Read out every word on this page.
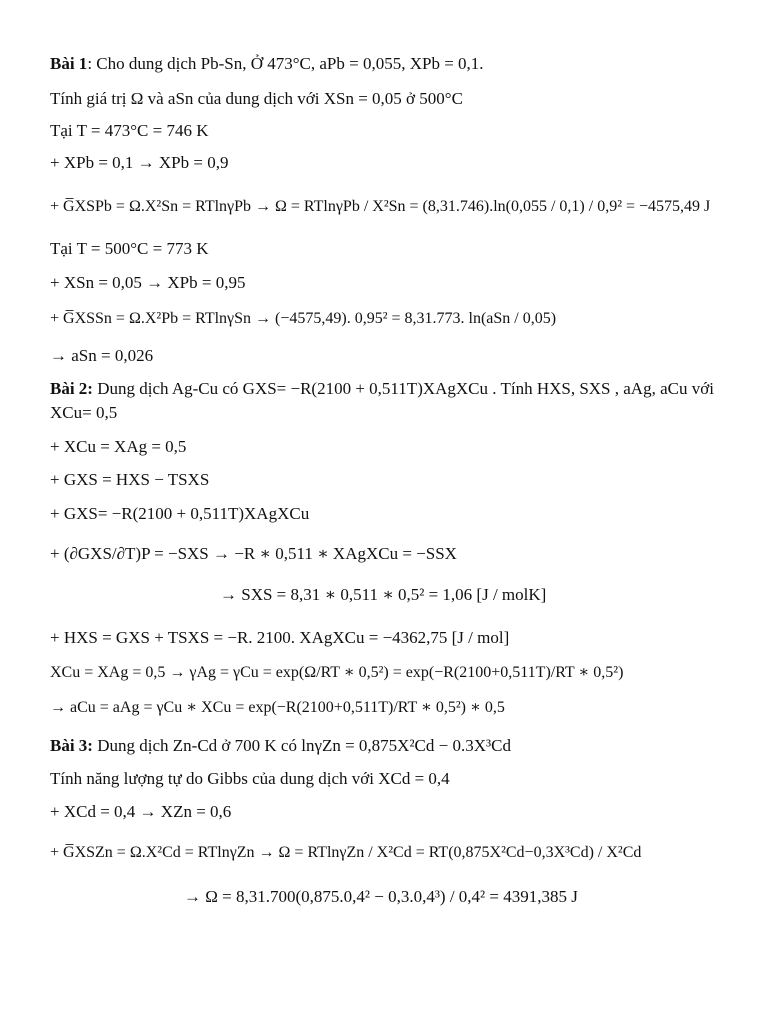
Bài 1: Cho dung dịch Pb-Sn, Ở 473°C, aPb = 0,055, XPb = 0,1.
Tính giá trị Ω và aSn của dung dịch với XSn = 0,05 ở 500°C
Tại T = 473°C = 746 K
+ XPb = 0,1 → XPb = 0,9
+ G̅XSPb = Ω.X²Sn = RTlnγPb → Ω = RTlnγPb / X²Sn = (8,31.746).ln(0,055 / 0,1) / 0,9² = −4575,49 J
Tại T = 500°C = 773 K
+ XSn = 0,05 → XPb = 0,95
+ G̅XSSn = Ω.X²Pb = RTlnγSn → (−4575,49). 0,95² = 8,31.773. ln(aSn / 0,05)
→ aSn = 0,026
Bài 2: Dung dịch Ag-Cu có GXS= −R(2100 + 0,511T)XAgXCu . Tính HXS, SXS , aAg, aCu với
XCu= 0,5
+ XCu = XAg = 0,5
+ GXS = HXS − TSXS
+ GXS= −R(2100 + 0,511T)XAgXCu
+ (∂GXS/∂T)P = −SXS → −R ∗ 0,511 ∗ XAgXCu = −SSX
→ SXS = 8,31 ∗ 0,511 ∗ 0,5² = 1,06 [J / molK]
+ HXS = GXS + TSXS = −R. 2100. XAgXCu = −4362,75 [J / mol]
XCu = XAg = 0,5 → γAg = γCu = exp(Ω/RT ∗ 0,5²) = exp(−R(2100+0,511T)/RT ∗ 0,5²)
→ aCu = aAg = γCu ∗ XCu = exp(−R(2100+0,511T)/RT ∗ 0,5²) ∗ 0,5
Bài 3: Dung dịch Zn-Cd ở 700 K có lnγZn = 0,875X²Cd − 0.3X³Cd
Tính năng lượng tự do Gibbs của dung dịch với XCd = 0,4
+ XCd = 0,4 → XZn = 0,6
+ G̅XSZn = Ω.X²Cd = RTlnγZn → Ω = RTlnγZn / X²Cd = RT(0,875X²Cd−0,3X³Cd) / X²Cd
→ Ω = 8,31.700(0,875.0,4² − 0,3.0,4³) / 0,4² = 4391,385 J
